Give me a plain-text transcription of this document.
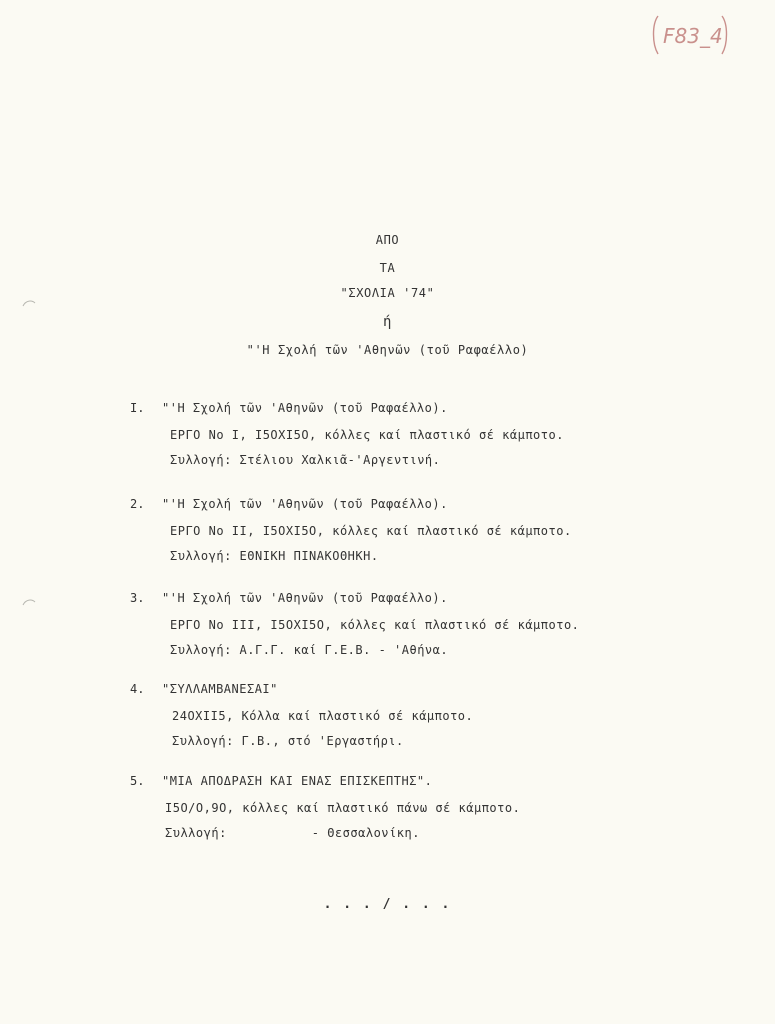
F83_4
ΑΠΟ
ΤΑ
"ΣΧΟΛΙΑ '74"
ή
"'Η Σχολή τῶν 'Αθηνῶν (τοῦ Ραφαέλλο)
I. "'Η Σχολή τῶν 'Αθηνῶν (τοῦ Ραφαέλλο).
ΕΡΓΟ Νο Ι, I5OXI5O, κόλλες καί πλαστικό σέ κάμποτο.
Συλλογή: Στέλιου Χαλκιᾶ-'Αργεντινή.
2. "'Η Σχολή τῶν 'Αθηνῶν (τοῦ Ραφαέλλο).
ΕΡΓΟ Νο ΙΙ, I5OXI5O, κόλλες καί πλαστικό σέ κάμποτο.
Συλλογή: ΕΘΝΙΚΗ ΠΙΝΑΚΟΘΗΚΗ.
3. "'Η Σχολή τῶν 'Αθηνῶν (τοῦ Ραφαέλλο).
ΕΡΓΟ Νο ΙΙΙ, I5OXI5O, κόλλες καί πλαστικό σέ κάμποτο.
Συλλογή: Α.Γ.Γ. καί Γ.Ε.Β. - 'Αθήνα.
4. "ΣΥΛΛΑΜΒΑΝΕΣΑΙ"
24OXII5, Κόλλα καί πλαστικό σέ κάμποτο.
Συλλογή: Γ.Β., στό 'Εργαστήρι.
5. "ΜΙΑ ΑΠΟΔΡΑΣΗ ΚΑΙ ΕΝΑΣ ΕΠΙΣΚΕΠΤΗΣ".
I5O/O,9O, κόλλες καί πλαστικό πάνω σέ κάμποτο.
Συλλογή:           - Θεσσαλονίκη.
. . . / . . .
